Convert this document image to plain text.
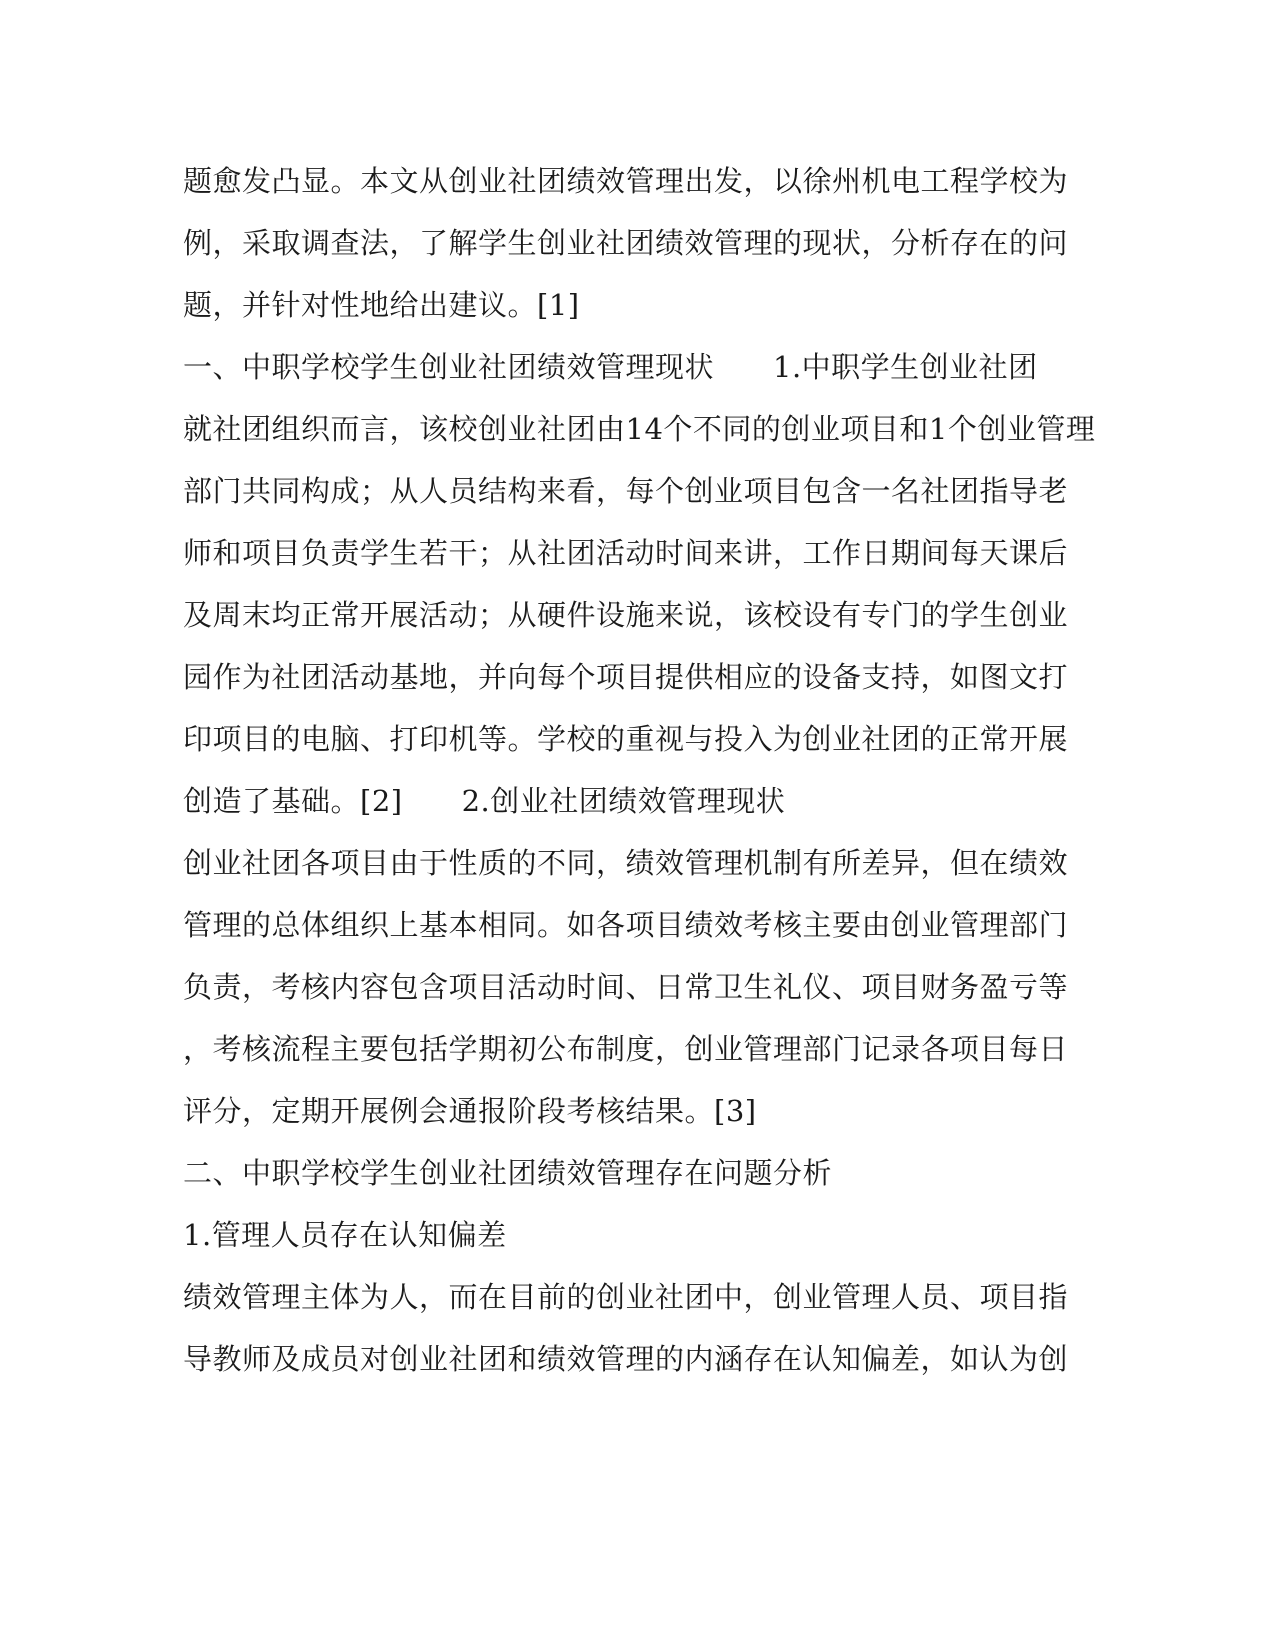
题愈发凸显。本文从创业社团绩效管理出发，以徐州机电工程学校为
例，采取调查法，了解学生创业社团绩效管理的现状，分析存在的问
题，并针对性地给出建议。[1]
一、中职学校学生创业社团绩效管理现状　　1.中职学生创业社团
就社团组织而言，该校创业社团由14个不同的创业项目和1个创业管理
部门共同构成；从人员结构来看，每个创业项目包含一名社团指导老
师和项目负责学生若干；从社团活动时间来讲，工作日期间每天课后
及周末均正常开展活动；从硬件设施来说，该校设有专门的学生创业
园作为社团活动基地，并向每个项目提供相应的设备支持，如图文打
印项目的电脑、打印机等。学校的重视与投入为创业社团的正常开展
创造了基础。[2]　　2.创业社团绩效管理现状
创业社团各项目由于性质的不同，绩效管理机制有所差异，但在绩效
管理的总体组织上基本相同。如各项目绩效考核主要由创业管理部门
负责，考核内容包含项目活动时间、日常卫生礼仪、项目财务盈亏等
，考核流程主要包括学期初公布制度，创业管理部门记录各项目每日
评分，定期开展例会通报阶段考核结果。[3]
二、中职学校学生创业社团绩效管理存在问题分析
1.管理人员存在认知偏差
绩效管理主体为人，而在目前的创业社团中，创业管理人员、项目指
导教师及成员对创业社团和绩效管理的内涵存在认知偏差，如认为创
